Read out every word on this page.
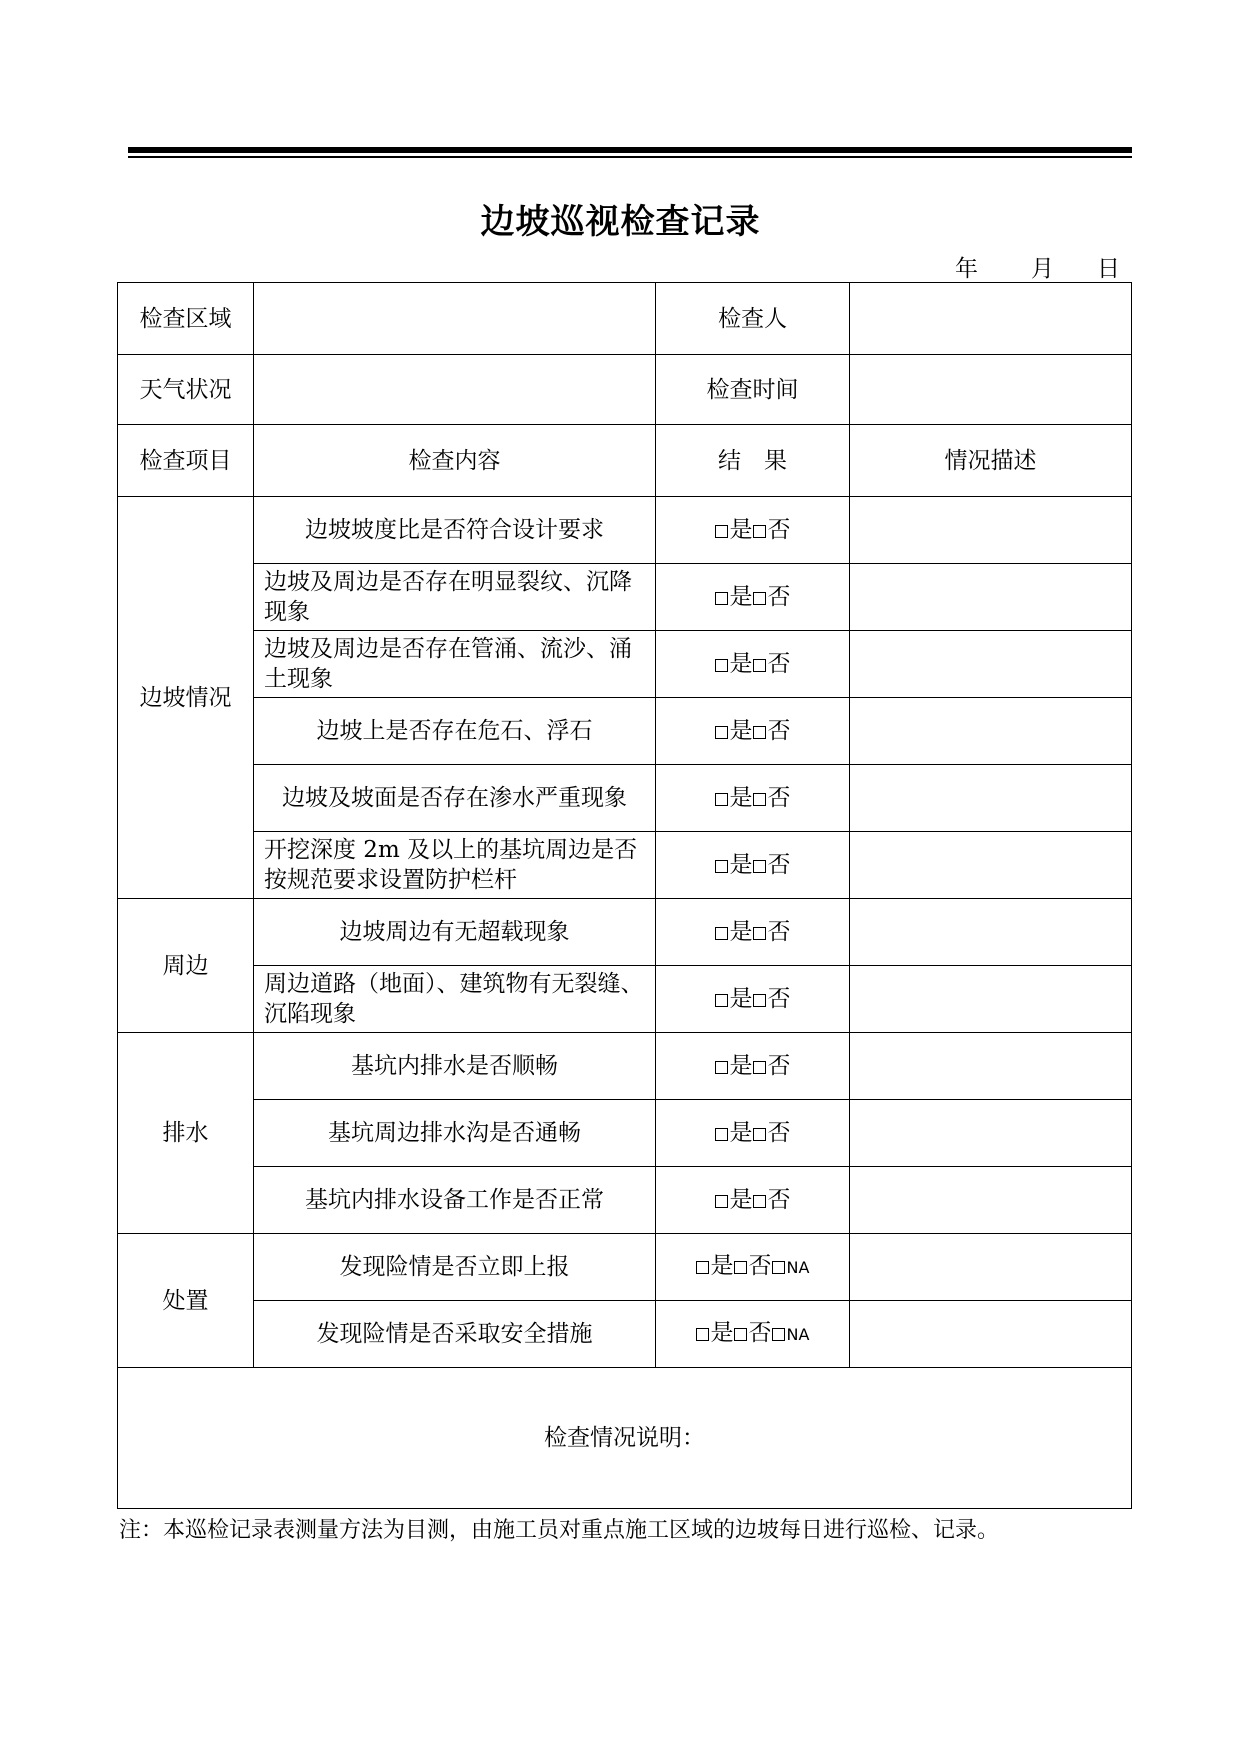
边坡巡视检查记录
年 月 日
检查区域		检查人	
天气状况		检查时间	
检查项目	检查内容	结　果	情况描述
边坡情况	边坡坡度比是否符合设计要求	是 否	
	边坡及周边是否存在明显裂纹、沉降现象	是 否	
	边坡及周边是否存在管涌、流沙、涌土现象	是 否	
	边坡上是否存在危石、浮石	是 否	
	边坡及坡面是否存在渗水严重现象	是 否	
	开挖深度 2m 及以上的基坑周边是否按规范要求设置防护栏杆	是 否	
周边	边坡周边有无超载现象	是 否	
	周边道路（地面）、建筑物有无裂缝、沉陷现象	是 否	
排水	基坑内排水是否顺畅	是 否	
	基坑周边排水沟是否通畅	是 否	
	基坑内排水设备工作是否正常	是 否	
处置	发现险情是否立即上报	是 否 NA	
	发现险情是否采取安全措施	是 否 NA	
检查情况说明：			
注：本巡检记录表测量方法为目测，由施工员对重点施工区域的边坡每日进行巡检、记录。
